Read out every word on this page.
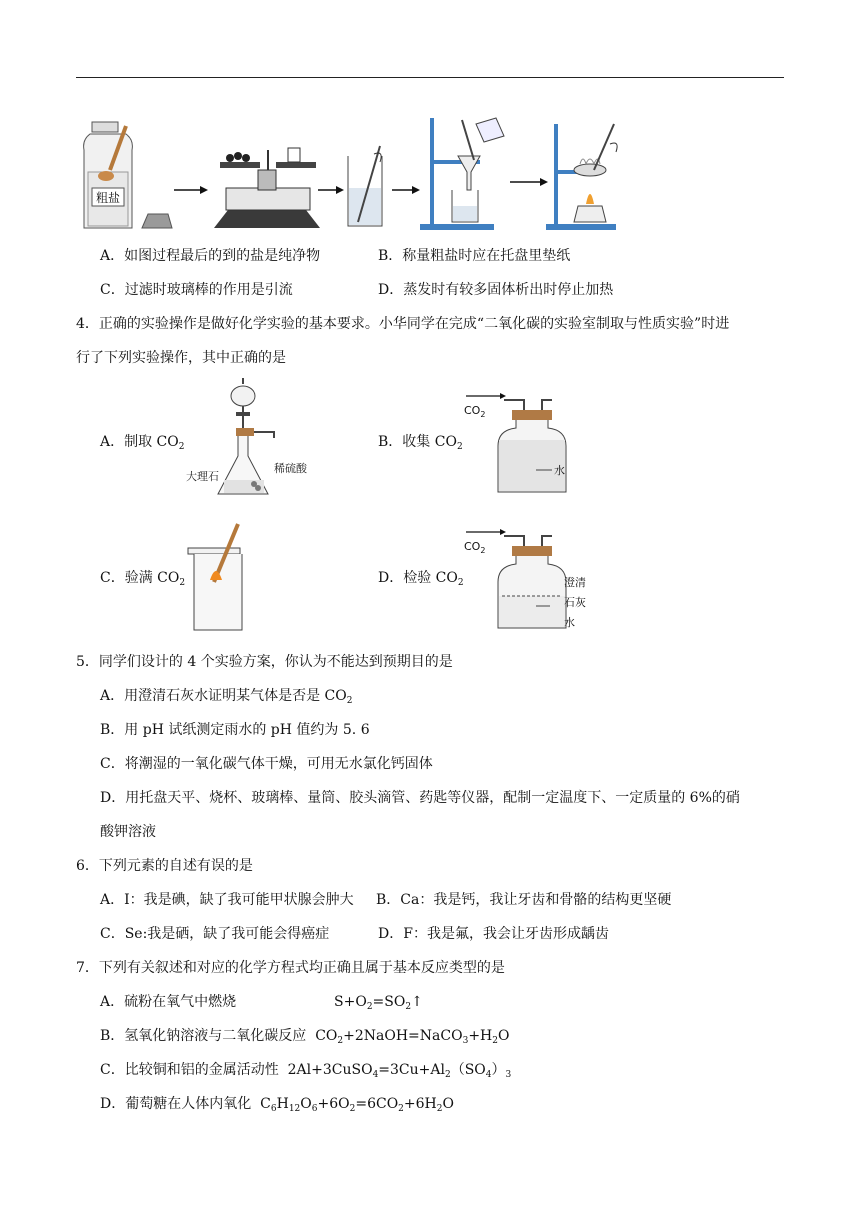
粗盐
A．如图过程最后的到的盐是纯净物	B．称量粗盐时应在托盘里垫纸
C．过滤时玻璃棒的作用是引流	D．蒸发时有较多固体析出时停止加热
4．正确的实验操作是做好化学实验的基本要求。小华同学在完成“二氧化碳的实验室制取与性质实验”时进
行了下列实验操作，其中正确的是
A．制取 $CO_2$
大理石
稀硫酸
B．收集 $CO_2$
$CO_2$
水
C．验满 $CO_2$	D．检验 $CO_2$
$CO_2$
澄清
石灰
水
5．同学们设计的 4 个实验方案，你认为不能达到预期目的是
A．用澄清石灰水证明某气体是否是 $CO_2$
B．用 pH 试纸测定雨水的 pH 值约为 5. 6
C．将潮湿的一氧化碳气体干燥，可用无水氯化钙固体
D．用托盘天平、烧杯、玻璃棒、量筒、胶头滴管、药匙等仪器，配制一定温度下、一定质量的 6%的硝
酸钾溶液
6．下列元素的自述有误的是
A．I：我是碘，缺了我可能甲状腺会肿大 B．Ca：我是钙，我让牙齿和骨骼的结构更坚硬
C．Se:我是硒，缺了我可能会得癌症	D．F：我是氟，我会让牙齿形成龋齿
7．下列有关叙述和对应的化学方程式均正确且属于基本反应类型的是
A．硫粉在氧气中燃烧	$S+O_2=SO_2↑$
B．氢氧化钠溶液与二氧化碳反应 $CO_2+2NaOH=NaCO_3+H_2O$
C．比较铜和铝的金属活动性 $2Al+3CuSO_4=3Cu+Al_2(SO_4)_3$
D．葡萄糖在人体内氧化 $C_6H_{12}O_6+6O_2=6CO_2+6H_2O$
